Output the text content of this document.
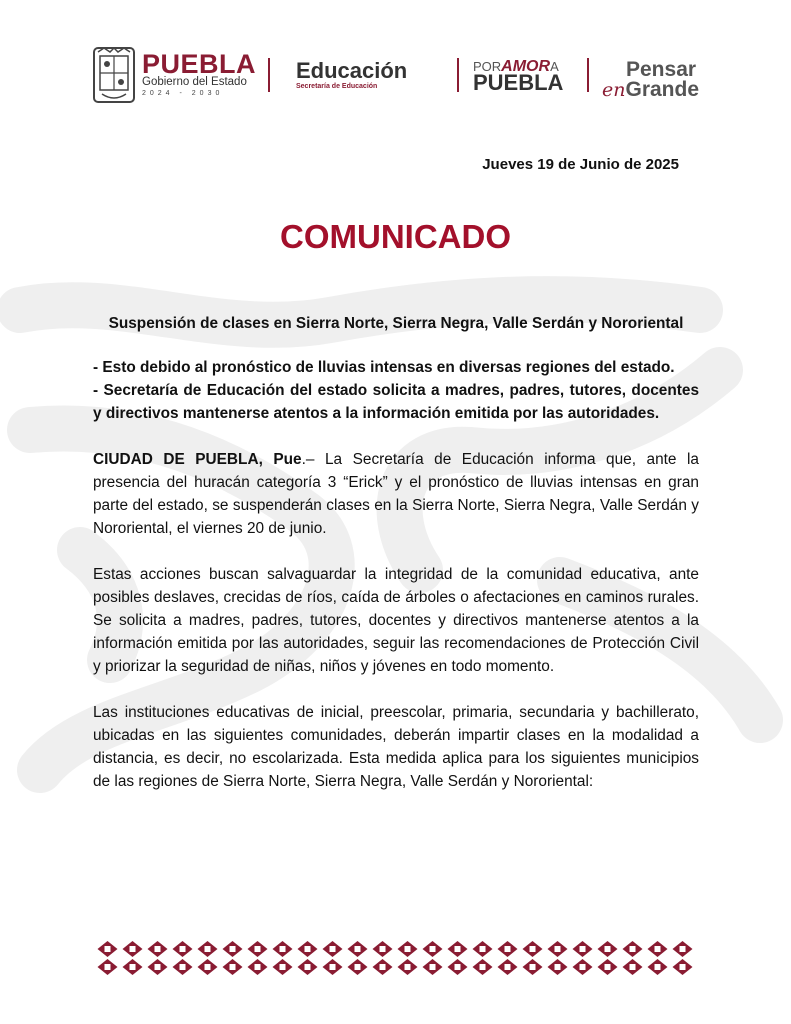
PUEBLA
Gobierno del Estado
2024 - 2030
Educación
Secretaría de Educación
PORAMORA
PUEBLA
Pensar
enGrande
Jueves 19 de Junio de 2025
COMUNICADO
Suspensión de clases en Sierra Norte, Sierra Negra, Valle Serdán y Nororiental
- Esto debido al pronóstico de lluvias intensas en diversas regiones del estado.
- Secretaría de Educación del estado solicita a madres, padres, tutores, docentes y directivos mantenerse atentos a la información emitida por las autoridades.
CIUDAD DE PUEBLA, Pue.– La Secretaría de Educación informa que, ante la presencia del huracán categoría 3 “Erick” y el pronóstico de lluvias intensas en gran parte del estado, se suspenderán clases en la Sierra Norte, Sierra Negra, Valle Serdán y Nororiental, el viernes 20 de junio.
Estas acciones buscan salvaguardar la integridad de la comunidad educativa, ante posibles deslaves, crecidas de ríos, caída de árboles o afectaciones en caminos rurales. Se solicita a madres, padres, tutores, docentes y directivos mantenerse atentos a la información emitida por las autoridades, seguir las recomendaciones de Protección Civil y priorizar la seguridad de niñas, niños y jóvenes en todo momento.
Las instituciones educativas de inicial, preescolar, primaria, secundaria y bachillerato, ubicadas en las siguientes comunidades, deberán impartir clases en la modalidad a distancia, es decir, no escolarizada. Esta medida aplica para los siguientes municipios de las regiones de Sierra Norte, Sierra Negra, Valle Serdán y Nororiental:
